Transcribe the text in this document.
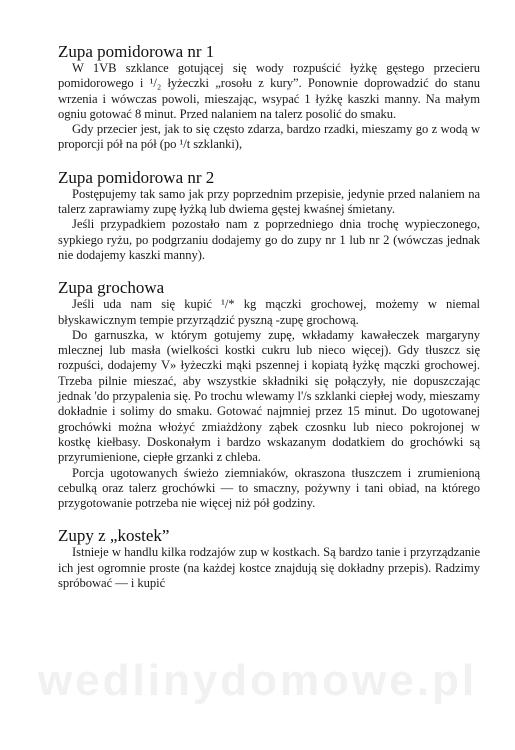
Zupa pomidorowa nr 1

W 1VB szklance gotującej się wody rozpuścić łyżkę gęstego przecieru pomidorowego i ¹/₂ łyżeczki „rosołu z kury”. Ponownie doprowadzić do stanu wrzenia i wówczas powoli, mieszając, wsypać 1 łyżkę kaszki manny. Na małym ogniu gotować 8 minut. Przed nalaniem na talerz posolić do smaku.

Gdy przecier jest, jak to się często zdarza, bardzo rzadki, mieszamy go z wodą w proporcji pół na pół (po ¹/t szklanki),

Zupa pomidorowa nr 2

Postępujemy tak samo jak przy poprzednim przepisie, jedynie przed nalaniem na talerz zaprawiamy zupę łyżką lub dwiema gęstej kwaśnej śmietany.

Jeśli przypadkiem pozostało nam z poprzedniego dnia trochę wypieczonego, sypkiego ryżu, po podgrzaniu dodajemy go do zupy nr 1 lub nr 2 (wówczas jednak nie dodajemy kaszki manny).

Zupa grochowa

Jeśli uda nam się kupić ¹/* kg mączki grochowej, możemy w niemal błyskawicznym tempie przyrządzić pyszną -zupę grochową.

Do garnuszka, w którym gotujemy zupę, wkładamy kawałeczek margaryny mlecznej lub masła (wielkości kostki cukru lub nieco więcej). Gdy tłuszcz się rozpuści, dodajemy V» łyżeczki mąki pszennej i kopiatą łyżkę mączki grochowej. Trzeba pilnie mieszać, aby wszystkie składniki się połączyły, nie dopuszczając jednak 'do przypalenia się. Po trochu wlewamy l'/s szklanki ciepłej wody, mieszamy dokładnie i solimy do smaku. Gotować najmniej przez 15 minut. Do ugotowanej grochówki można włożyć zmiażdżony ząbek czosnku lub nieco pokrojonej w kostkę kiełbasy. Doskonałym i bardzo wskazanym dodatkiem do grochówki są przyrumienione, ciepłe grzanki z chleba.

Porcja ugotowanych świeżo ziemniaków, okraszona tłuszczem i zrumienioną cebulką oraz talerz grochówki — to smaczny, pożywny i tani obiad, na którego przygotowanie potrzeba nie więcej niż pół godziny.

Zupy z „kostek”

Istnieje w handlu kilka rodzajów zup w kostkach. Są bardzo tanie i przyrządzanie ich jest ogromnie proste (na każdej kostce znajdują się dokładny przepis). Radzimy spróbować — i kupić

wedlinydomowe.pl
